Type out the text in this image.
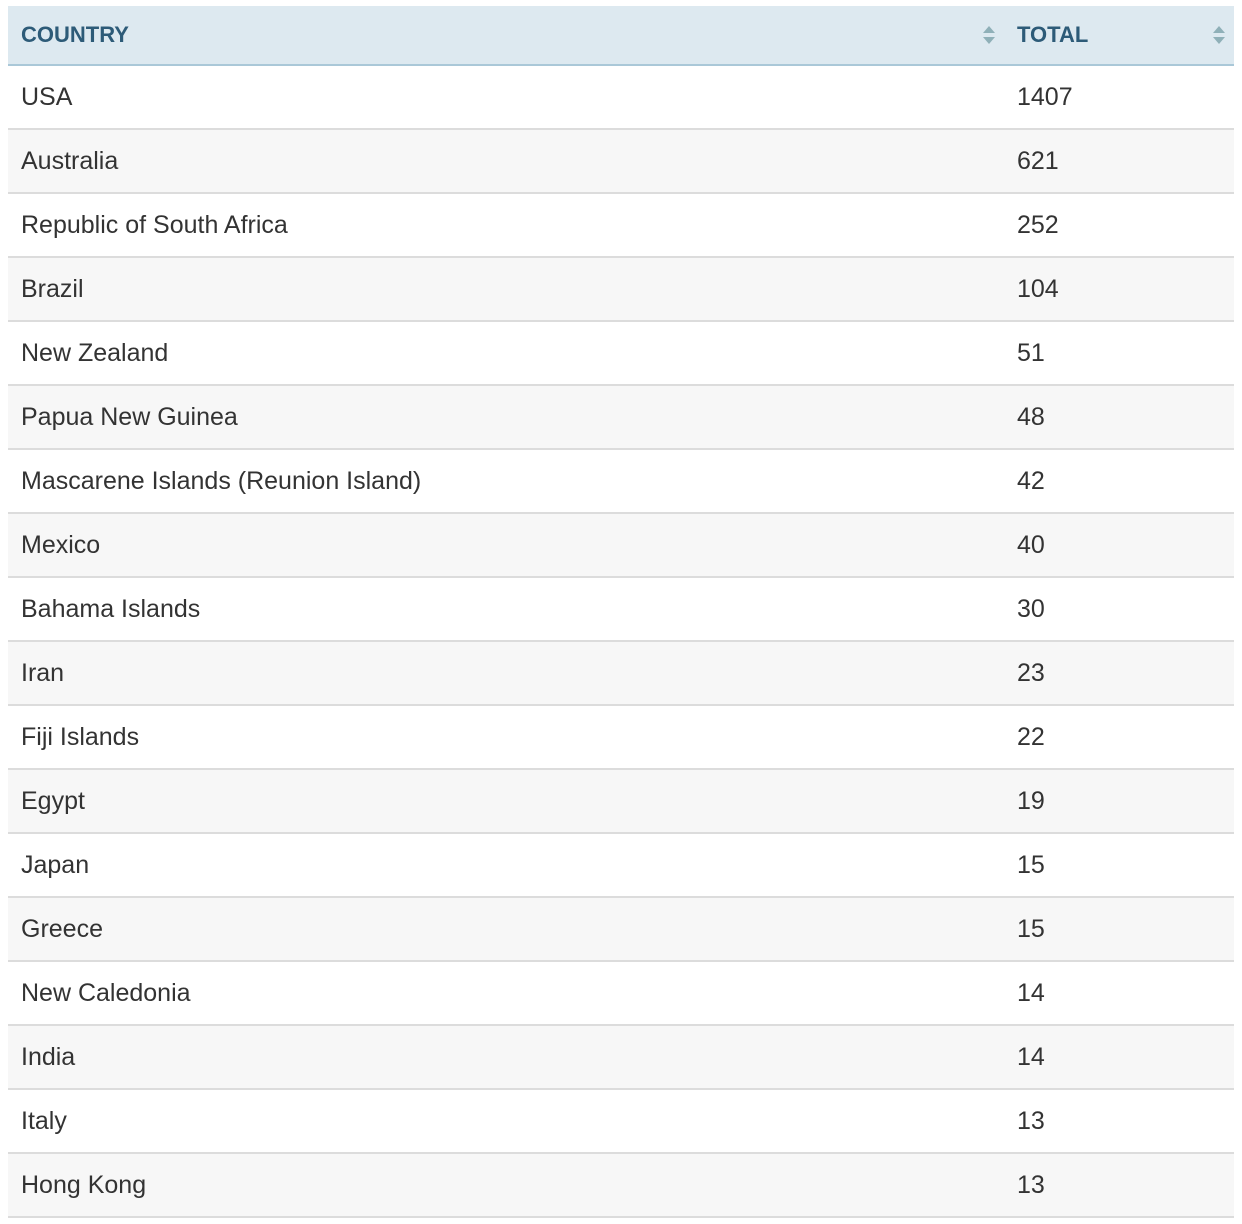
COUNTRY	TOTAL

USA	1407
Australia	621
Republic of South Africa	252
Brazil	104
New Zealand	51
Papua New Guinea	48
Mascarene Islands (Reunion Island)	42
Mexico	40
Bahama Islands	30
Iran	23
Fiji Islands	22
Egypt	19
Japan	15
Greece	15
New Caledonia	14
India	14
Italy	13
Hong Kong	13
